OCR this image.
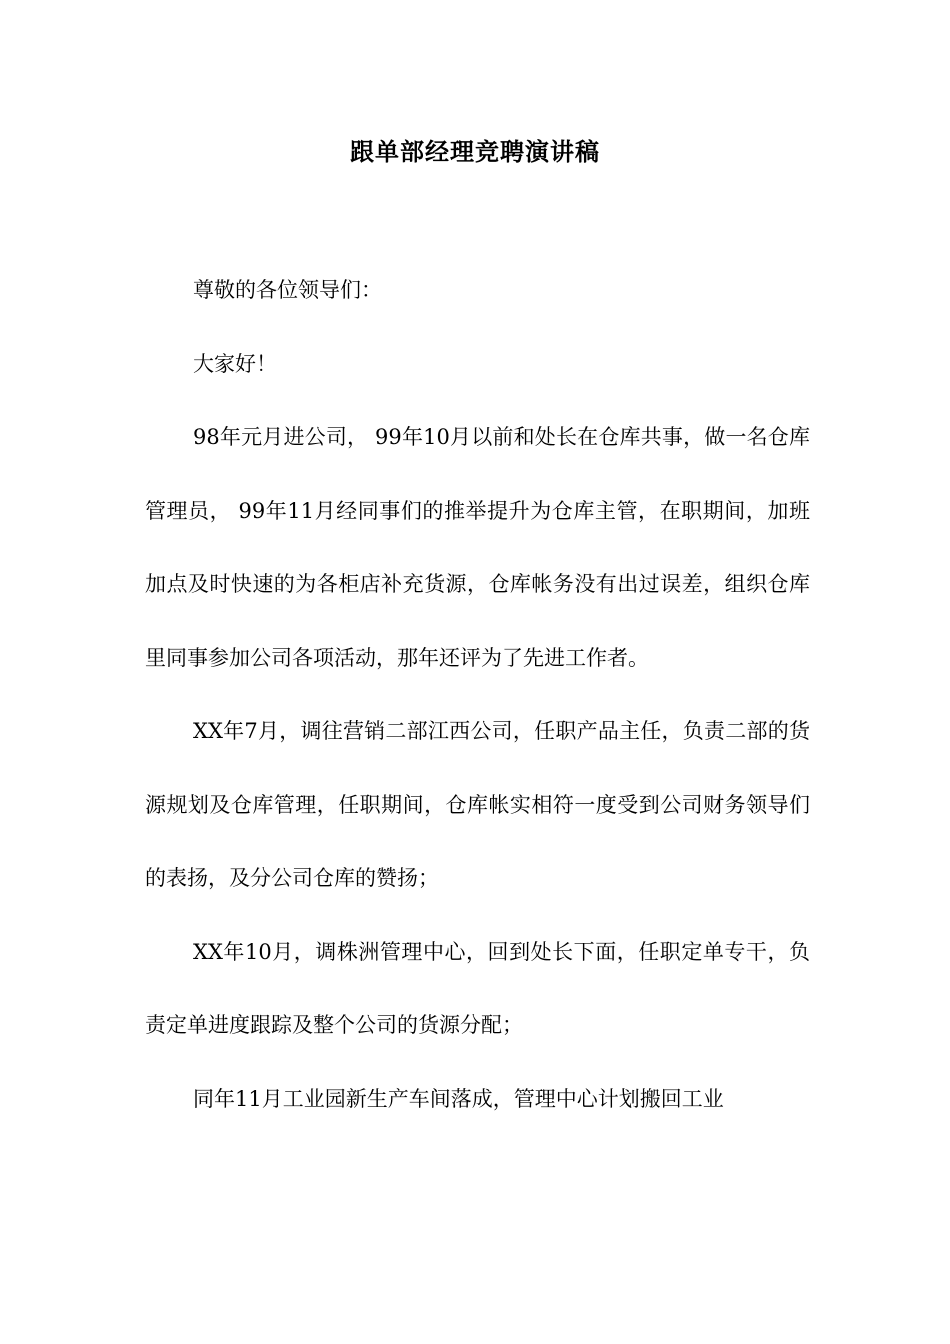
跟单部经理竞聘演讲稿

尊敬的各位领导们：

大家好！

98年元月进公司， 99年10月以前和处长在仓库共事，做一名仓库管理员， 99年11月经同事们的推举提升为仓库主管，在职期间，加班加点及时快速的为各柜店补充货源，仓库帐务没有出过误差，组织仓库里同事参加公司各项活动，那年还评为了先进工作者。

XX年7月，调往营销二部江西公司，任职产品主任，负责二部的货源规划及仓库管理，任职期间，仓库帐实相符一度受到公司财务领导们的表扬，及分公司仓库的赞扬；

XX年10月，调株洲管理中心，回到处长下面，任职定单专干，负责定单进度跟踪及整个公司的货源分配；

同年11月工业园新生产车间落成，管理中心计划搬回工业
